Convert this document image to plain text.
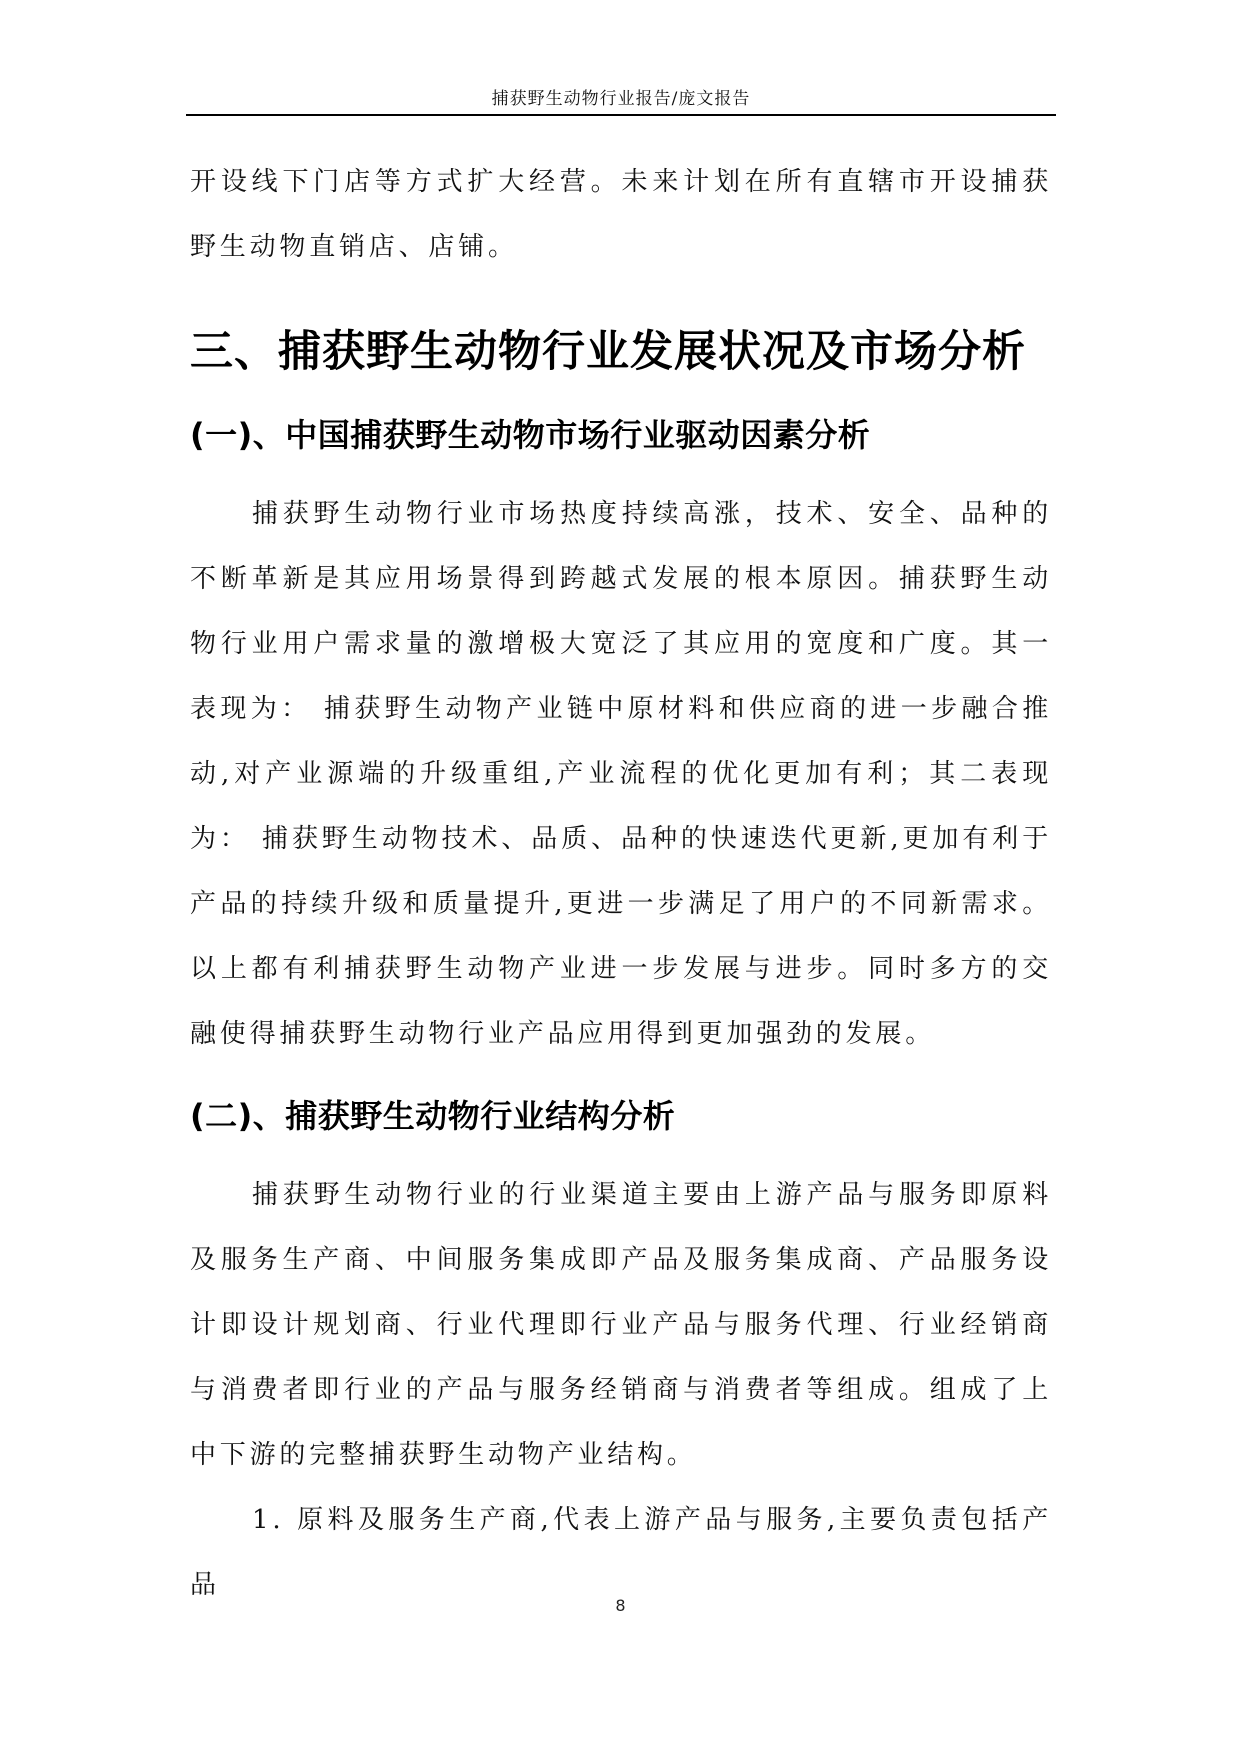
捕获野生动物行业报告/庞文报告

开设线下门店等方式扩大经营。未来计划在所有直辖市开设捕获野生动物直销店、店铺。

三、捕获野生动物行业发展状况及市场分析
(一)、中国捕获野生动物市场行业驱动因素分析

捕获野生动物行业市场热度持续高涨，技术、安全、品种的不断革新是其应用场景得到跨越式发展的根本原因。捕获野生动物行业用户需求量的激增极大宽泛了其应用的宽度和广度。其一表现为： 捕获野生动物产业链中原材料和供应商的进一步融合推动,对产业源端的升级重组,产业流程的优化更加有利；其二表现为： 捕获野生动物技术、品质、品种的快速迭代更新,更加有利于产品的持续升级和质量提升,更进一步满足了用户的不同新需求。以上都有利捕获野生动物产业进一步发展与进步。同时多方的交融使得捕获野生动物行业产品应用得到更加强劲的发展。

(二)、捕获野生动物行业结构分析

捕获野生动物行业的行业渠道主要由上游产品与服务即原料及服务生产商、中间服务集成即产品及服务集成商、产品服务设计即设计规划商、行业代理即行业产品与服务代理、行业经销商与消费者即行业的产品与服务经销商与消费者等组成。组成了上中下游的完整捕获野生动物产业结构。

1. 原料及服务生产商,代表上游产品与服务,主要负责包括产品

8
